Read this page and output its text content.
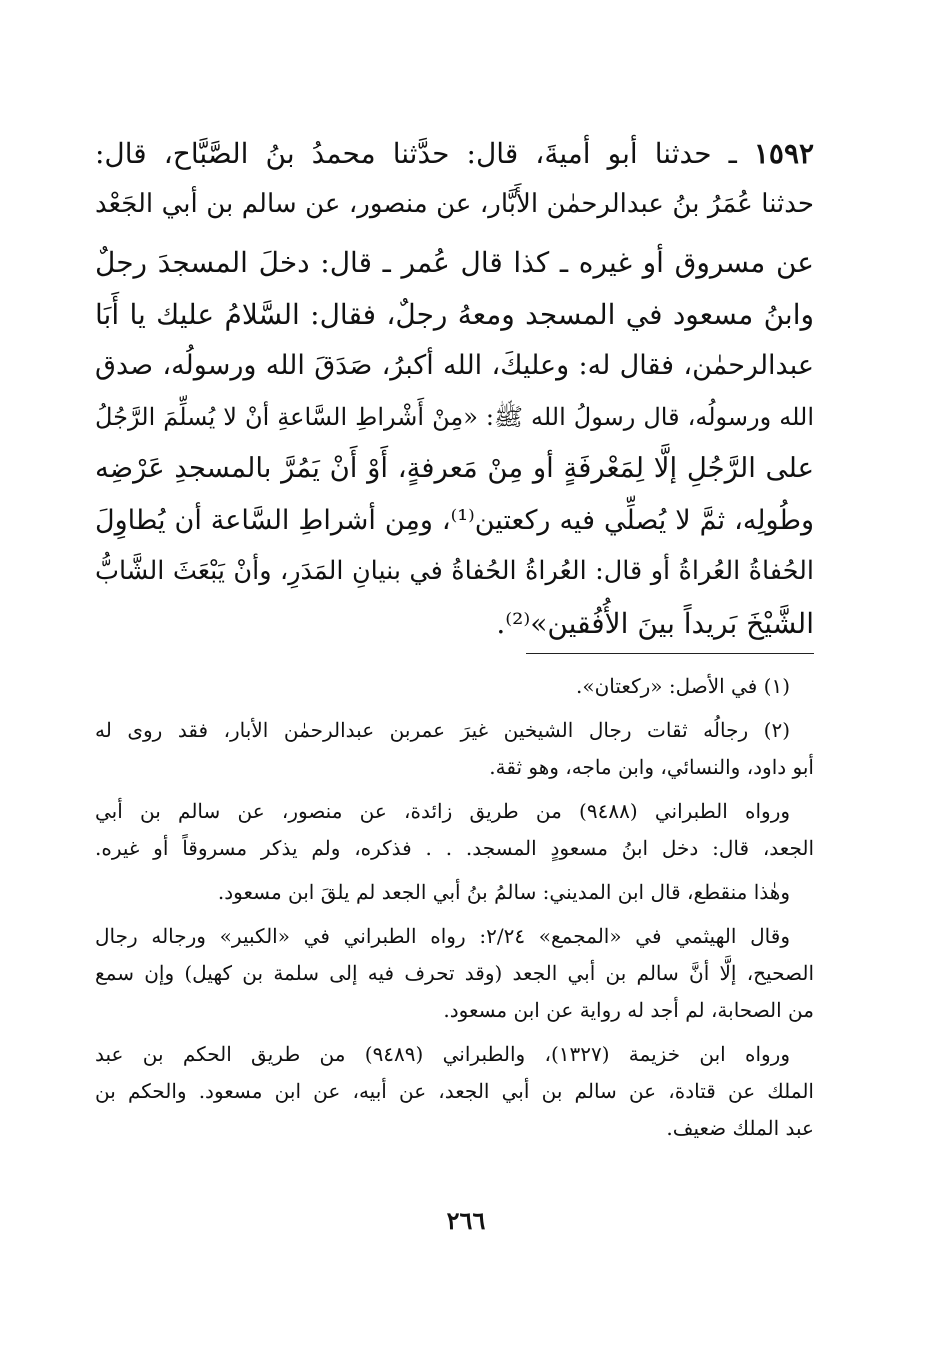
١٥٩٢ ـ حدثنا أبو أميةَ، قال: حدَّثنا محمدُ بنُ الصَّبَّاح، قال:
حدثنا عُمَرُ بنُ عبدالرحمٰن الأَبَّار، عن منصور، عن سالم بن أبي الجَعْد
عن مسروق أو غيره ـ كذا قال عُمر ـ قال: دخلَ المسجدَ رجلٌ
وابنُ مسعود في المسجد ومعهُ رجلٌ، فقال: السَّلامُ عليك يا أَبَا
عبدالرحمٰن، فقال له: وعليكَ، الله أكبرُ، صَدَقَ الله ورسولُه، صدق
الله ورسولُه، قال رسولُ الله ﷺ: «مِنْ أَشْراطِ السَّاعةِ أنْ لا يُسلِّمَ الرَّجُلُ
على الرَّجُلِ إلَّا لِمَعْرفَةٍ أو مِنْ مَعرفةٍ، أَوْ أَنْ يَمُرَّ بالمسجدِ عَرْضِه
وطُولِه، ثمَّ لا يُصلِّي فيه ركعتين⁽¹⁾، ومِن أشراطِ السَّاعة أن يُطاوِلَ
الحُفاةُ العُراةُ أو قال: العُراةُ الحُفاةُ في بنيانِ المَدَرِ، وأنْ يَبْعَثَ الشَّابُّ
الشَّيْخَ بَريداً بينَ الأُفُقين»⁽²⁾.
(١) في الأصل: «ركعتان».
(٢) رجالُه ثقات رجال الشيخين غيرَ عمربن عبدالرحمٰن الأبار، فقد روى له
أبو داود، والنسائي، وابن ماجه، وهو ثقة.
ورواه الطبراني (٩٤٨٨) من طريق زائدة، عن منصور، عن سالم بن أبي
الجعد، قال: دخل ابنُ مسعودٍ المسجد. . . فذكره، ولم يذكر مسروقاً أو غيره.
وهٰذا منقطع، قال ابن المديني: سالمُ بنُ أبي الجعد لم يلقَ ابن مسعود.
وقال الهيثمي في «المجمع» ٢/٢٤: رواه الطبراني في «الكبير» ورجاله رجال
الصحيح، إلَّا أنَّ سالم بن أبي الجعد (وقد تحرف فيه إلى سلمة بن كهيل) وإن سمع
من الصحابة، لم أجد له رواية عن ابن مسعود.
ورواه ابن خزيمة (١٣٢٧)، والطبراني (٩٤٨٩) من طريق الحكم بن عبد
الملك عن قتادة، عن سالم بن أبي الجعد، عن أبيه، عن ابن مسعود. والحكم بن
عبد الملك ضعيف.
٢٦٦
